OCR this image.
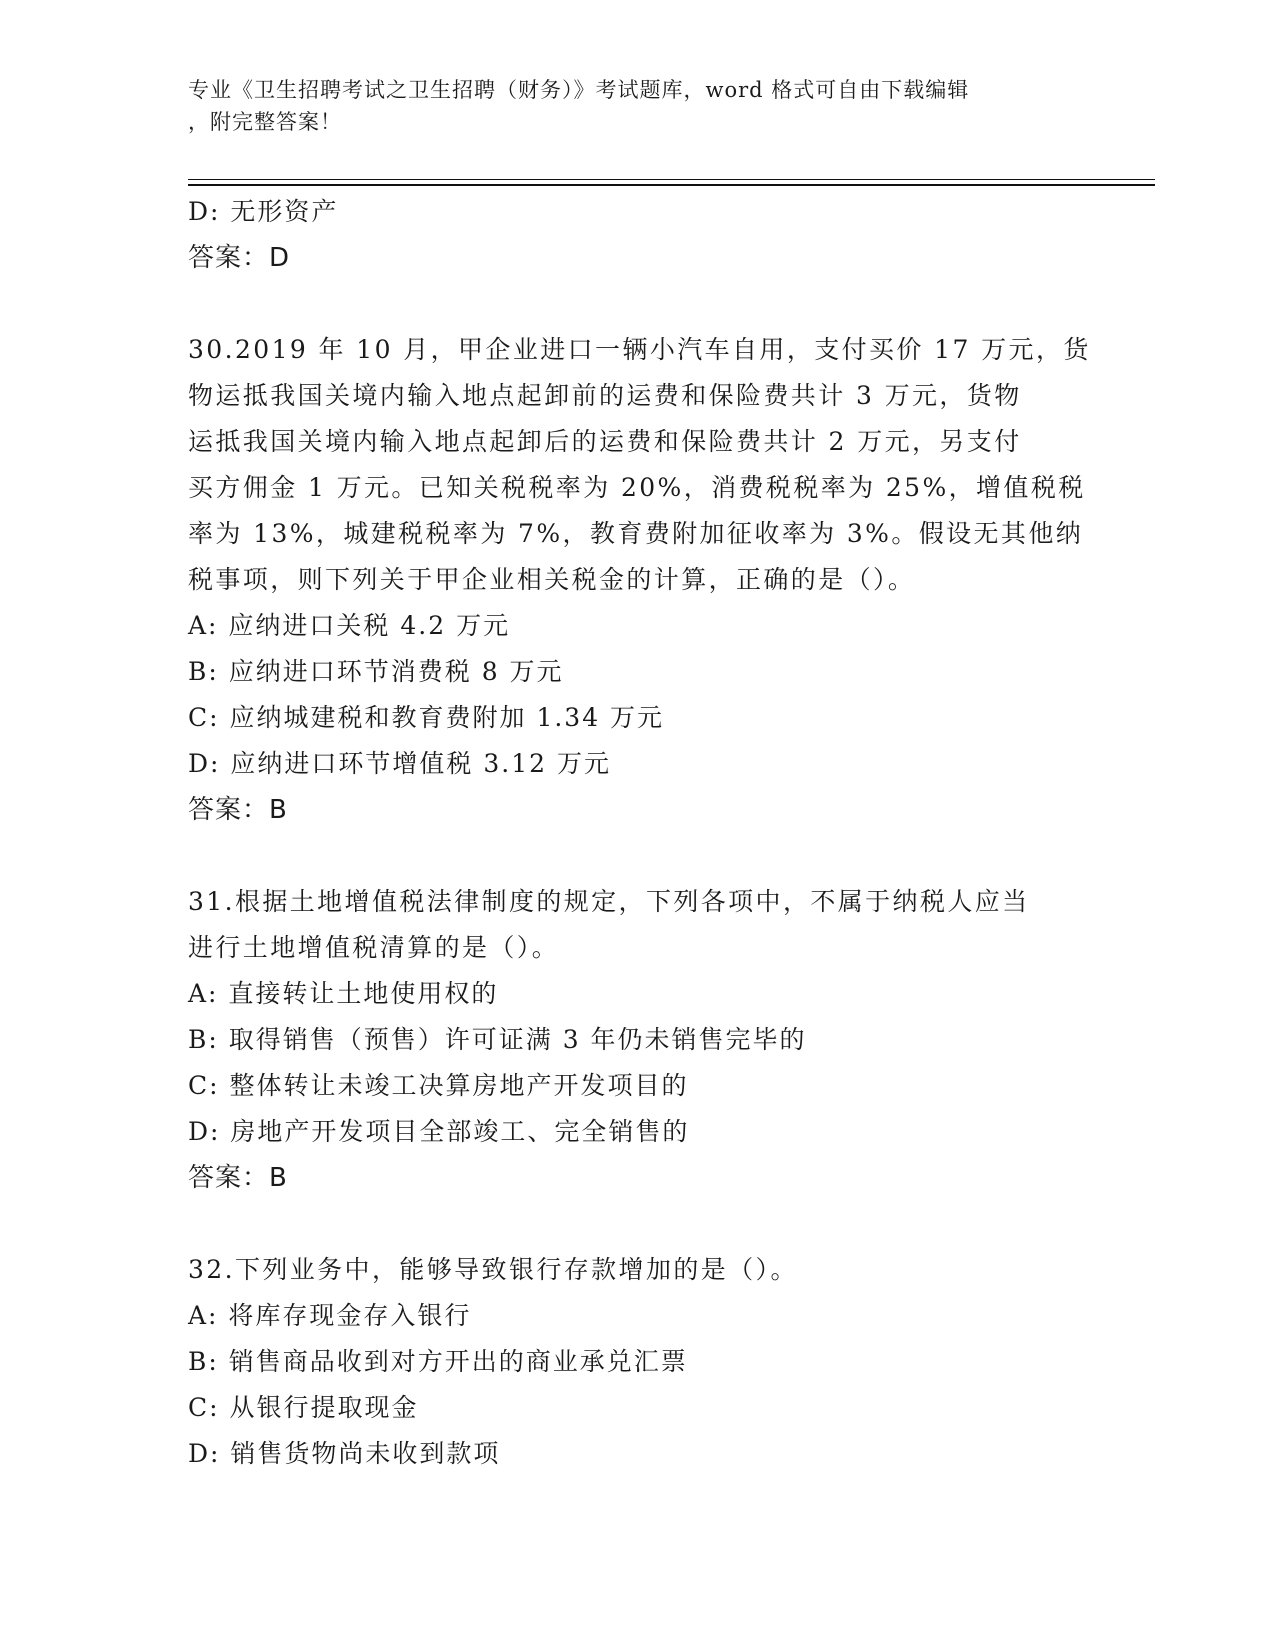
专业《卫生招聘考试之卫生招聘（财务）》考试题库，word 格式可自由下载编辑
，附完整答案！
D: 无形资产
答案：D
30.2019 年 10 月，甲企业进口一辆小汽车自用，支付买价 17 万元，货
物运抵我国关境内输入地点起卸前的运费和保险费共计 3 万元，货物
运抵我国关境内输入地点起卸后的运费和保险费共计 2 万元，另支付
买方佣金 1 万元。已知关税税率为 20%，消费税税率为 25%，增值税税
率为 13%，城建税税率为 7%，教育费附加征收率为 3%。假设无其他纳
税事项，则下列关于甲企业相关税金的计算，正确的是（）。
A: 应纳进口关税 4.2 万元
B: 应纳进口环节消费税 8 万元
C: 应纳城建税和教育费附加 1.34 万元
D: 应纳进口环节增值税 3.12 万元
答案：B
31.根据土地增值税法律制度的规定，下列各项中，不属于纳税人应当
进行土地增值税清算的是（）。
A: 直接转让土地使用权的
B: 取得销售（预售）许可证满 3 年仍未销售完毕的
C: 整体转让未竣工决算房地产开发项目的
D: 房地产开发项目全部竣工、完全销售的
答案：B
32.下列业务中，能够导致银行存款增加的是（）。
A: 将库存现金存入银行
B: 销售商品收到对方开出的商业承兑汇票
C: 从银行提取现金
D: 销售货物尚未收到款项
